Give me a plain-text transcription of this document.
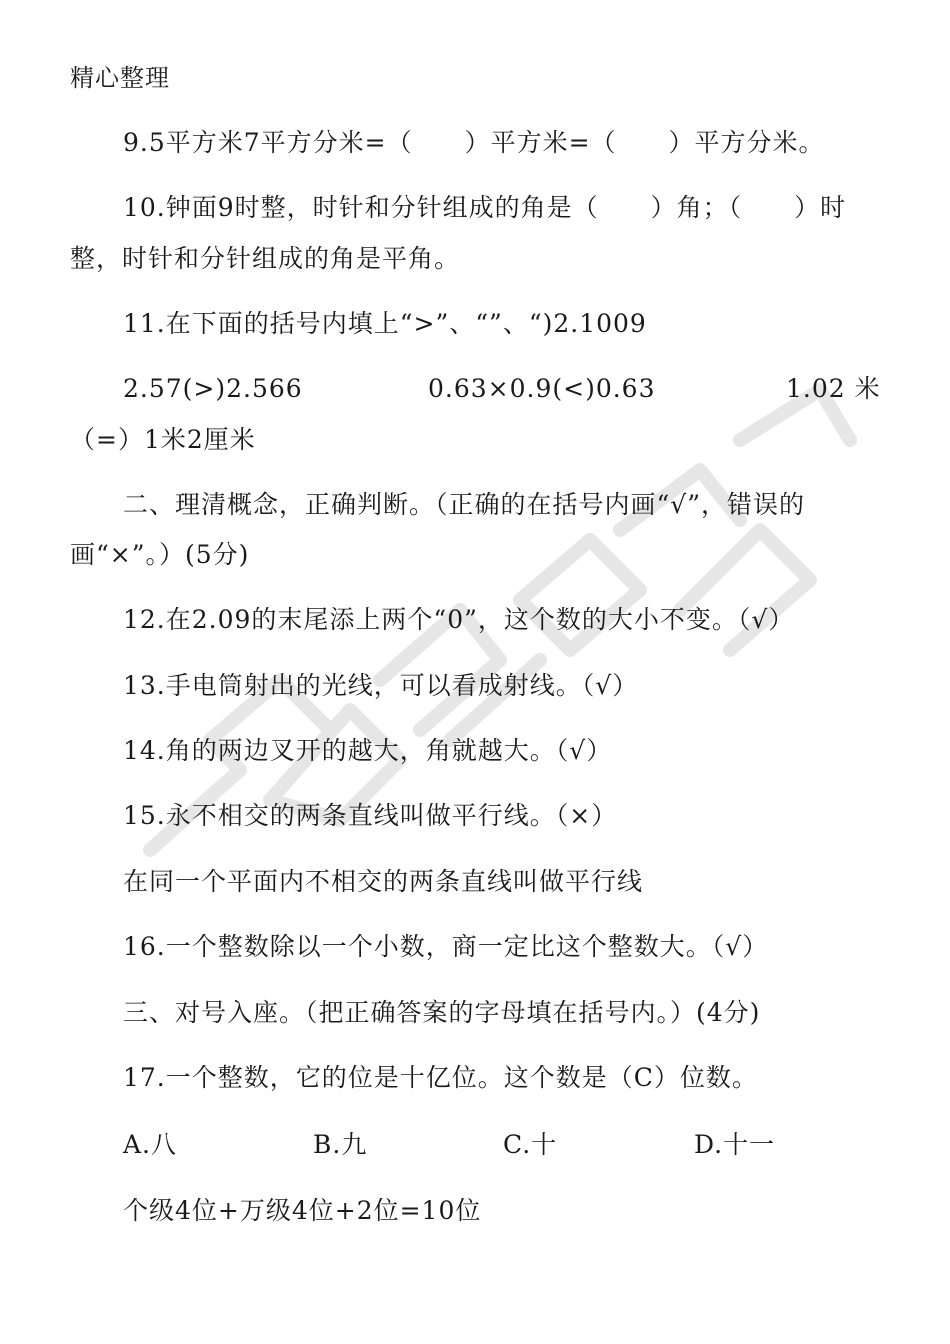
精心整理
9.5平方米7平方分米=（　　）平方米=（　　）平方分米。
10.钟面9时整，时针和分针组成的角是（　　）角；（　　）时
整，时针和分针组成的角是平角。
11.在下面的括号内填上“>”、“”、“)2.1009
2.57(>)2.566	0.63×0.9(<)0.63	1.02 米
（=）1米2厘米
二、理清概念，正确判断。（正确的在括号内画“√”，错误的
画“×”。）(5分)
12.在2.09的末尾添上两个“0”，这个数的大小不变。（√）
13.手电筒射出的光线，可以看成射线。（√）
14.角的两边叉开的越大，角就越大。（√）
15.永不相交的两条直线叫做平行线。（×）
在同一个平面内不相交的两条直线叫做平行线
16.一个整数除以一个小数，商一定比这个整数大。（√）
三、对号入座。（把正确答案的字母填在括号内。）(4分)
17.一个整数，它的位是十亿位。这个数是（C）位数。
A.八	B.九	C.十	D.十一
个级4位+万级4位+2位=10位
